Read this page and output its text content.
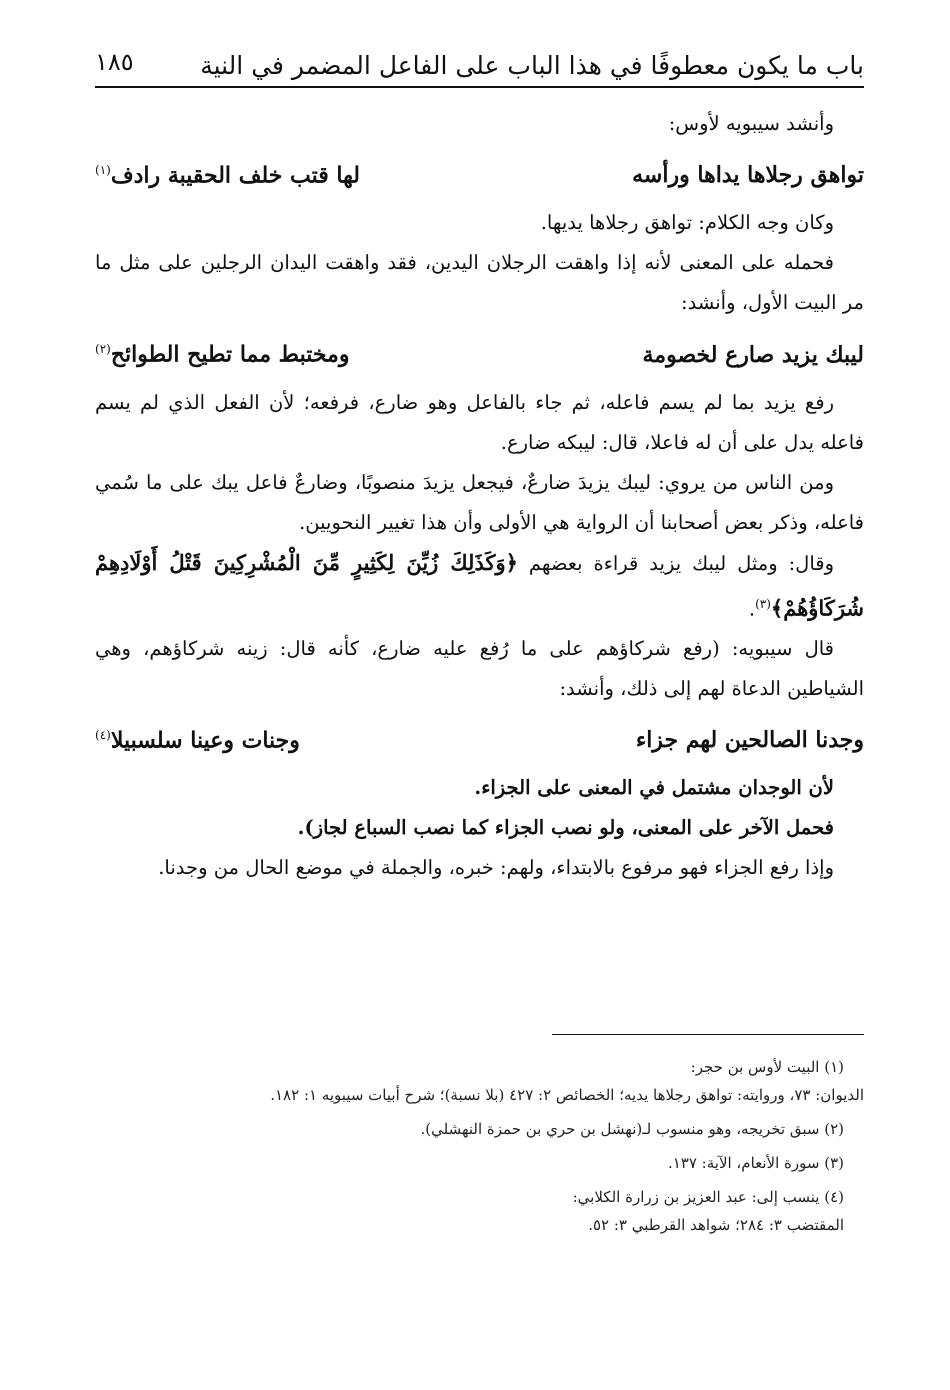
باب ما يكون معطوفًا في هذا الباب على الفاعل المضمر في النية
١٨٥

وأنشد سيبويه لأوس:

تواهق رجلاها يداها ورأسه
لها قتب خلف الحقيبة رادف$^{(١)}$

وكان وجه الكلام: تواهق رجلاها يديها.

فحمله على المعنى لأنه إذا واهقت الرجلان اليدين، فقد واهقت اليدان الرجلين على مثل ما مر البيت الأول، وأنشد:

ليبك يزيد صارع لخصومة
ومختبط مما تطيح الطوائح$^{(٢)}$

رفع يزيد بما لم يسم فاعله، ثم جاء بالفاعل وهو ضارع، فرفعه؛ لأن الفعل الذي لم يسم فاعله يدل على أن له فاعلا، قال: ليبكه ضارع.

ومن الناس من يروي: ليبك يزيدَ ضارعٌ، فيجعل يزيدَ منصوبًا، وضارعٌ فاعل يبك على ما سُمي فاعله، وذكر بعض أصحابنا أن الرواية هي الأولى وأن هذا تغيير النحويين.

وقال: ومثل ليبك يزيد قراءة بعضهم ﴿وَكَذَلِكَ زُيِّنَ لِكَثِيرٍ مِّنَ الْمُشْرِكِينَ قَتْلُ أَوْلَادِهِمْ شُرَكَاؤُهُمْ﴾$^{(٣)}$.

قال سيبويه: (رفع شركاؤهم على ما رُفع عليه ضارع، كأنه قال: زينه شركاؤهم، وهي الشياطين الدعاة لهم إلى ذلك، وأنشد:

وجدنا الصالحين لهم جزاء
وجنات وعينا سلسبيلا$^{(٤)}$

لأن الوجدان مشتمل في المعنى على الجزاء.

فحمل الآخر على المعنى، ولو نصب الجزاء كما نصب السباع لجاز).

وإذا رفع الجزاء فهو مرفوع بالابتداء، ولهم: خبره، والجملة في موضع الحال من وجدنا.

(١) البيت لأوس بن حجر:

الديوان: ٧٣، وروايته: تواهق رجلاها يديه؛ الخصائص ٢: ٤٢٧ (بلا نسبة)؛ شرح أبيات سيبويه ١: ١٨٢.

(٢) سبق تخريجه، وهو منسوب لـ(نهشل بن حري بن حمزة النهشلي).

(٣) سورة الأنعام، الآية: ١٣٧.

(٤) ينسب إلى: عبد العزيز بن زرارة الكلابي:

المقتضب ٣: ٢٨٤؛ شواهد القرطبي ٣: ٥٢.
